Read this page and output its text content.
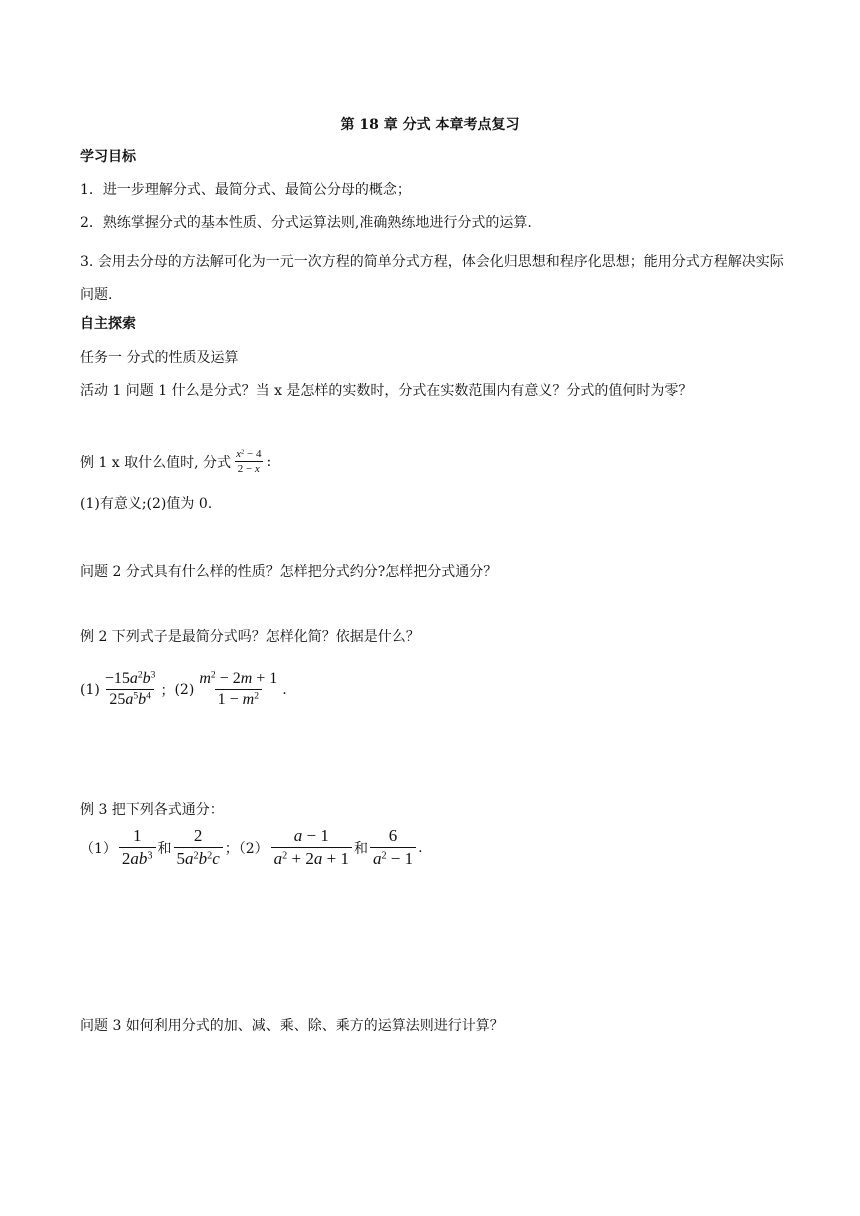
第 18 章 分式 本章考点复习
学习目标
1．进一步理解分式、最简分式、最简公分母的概念；
2．熟练掌握分式的基本性质、分式运算法则,准确熟练地进行分式的运算.
3. 会用去分母的方法解可化为一元一次方程的简单分式方程，体会化归思想和程序化思想；能用分式方程解决实际问题.
自主探索
任务一 分式的性质及运算
活动 1 问题 1 什么是分式？当 x 是怎样的实数时，分式在实数范围内有意义？分式的值何时为零？
例 1 x 取什么值时, 分式 $\frac{x^2 - 4}{2 - x}$ :
(1)有意义;(2)值为 0.
问题 2 分式具有什么样的性质？怎样把分式约分?怎样把分式通分？
例 2 下列式子是最简分式吗？怎样化简？依据是什么？
$(1) \frac{-15a^2b^3}{25a^5b^4}$ ； $(2) \frac{m^2 - 2m + 1}{1 - m^2}$ .
例 3 把下列各式通分：
$(1) \frac{1}{2ab^3}$ 和 $\frac{2}{5a^2b^2c}$ ；$(2) \frac{a - 1}{a^2 + 2a + 1}$ 和 $\frac{6}{a^2 - 1}$ .
问题 3 如何利用分式的加、减、乘、除、乘方的运算法则进行计算？
